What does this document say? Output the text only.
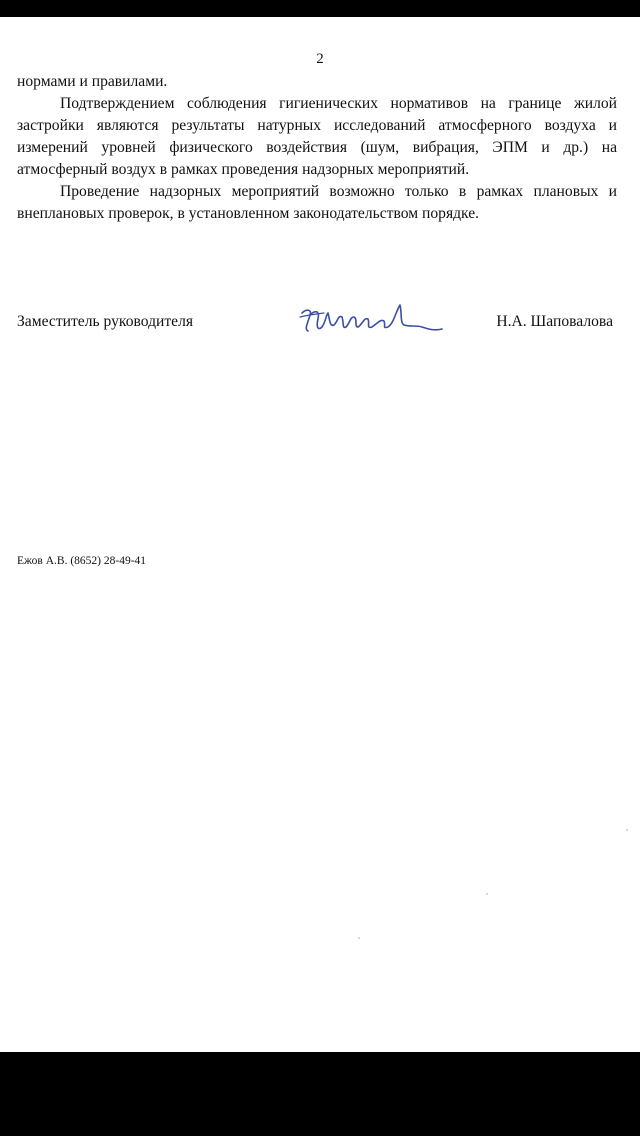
2

нормами и правилами.

Подтверждением соблюдения гигиенических нормативов на границе жилой застройки являются результаты натурных исследований атмосферного воздуха и измерений уровней физического воздействия (шум, вибрация, ЭПМ и др.) на атмосферный воздух в рамках проведения надзорных мероприятий.

Проведение надзорных мероприятий возможно только в рамках плановых и внеплановых проверок, в установленном законодательством порядке.

Заместитель руководителя	Н.А. Шаповалова
Ежов А.В. (8652) 28-49-41
